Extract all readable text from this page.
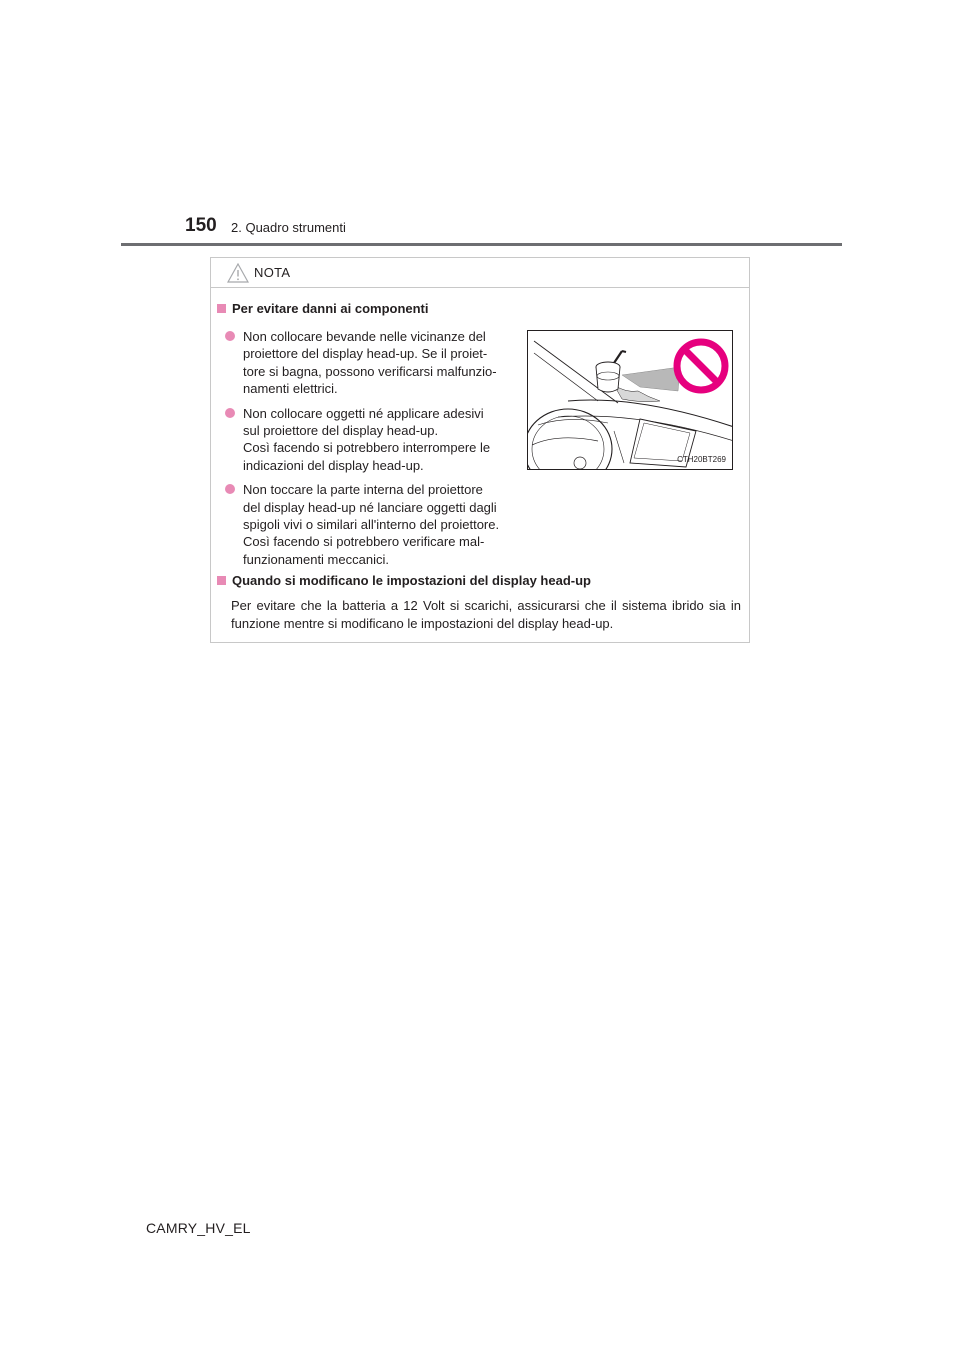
150 2. Quadro strumenti
NOTA
Per evitare danni ai componenti
Non collocare bevande nelle vicinanze del
proiettore del display head-up. Se il proiet-
tore si bagna, possono verificarsi malfunzio-
namenti elettrici.
Non collocare oggetti né applicare adesivi
sul proiettore del display head-up.
Così facendo si potrebbero interrompere le
indicazioni del display head-up.
Non toccare la parte interna del proiettore
del display head-up né lanciare oggetti dagli
spigoli vivi o similari all'interno del proiettore.
Così facendo si potrebbero verificare mal-
funzionamenti meccanici.
CTH20BT269
Quando si modificano le impostazioni del display head-up

Per evitare che la batteria a 12 Volt si scarichi, assicurarsi che il sistema ibrido sia in funzione mentre si modificano le impostazioni del display head-up.

CAMRY_HV_EL
